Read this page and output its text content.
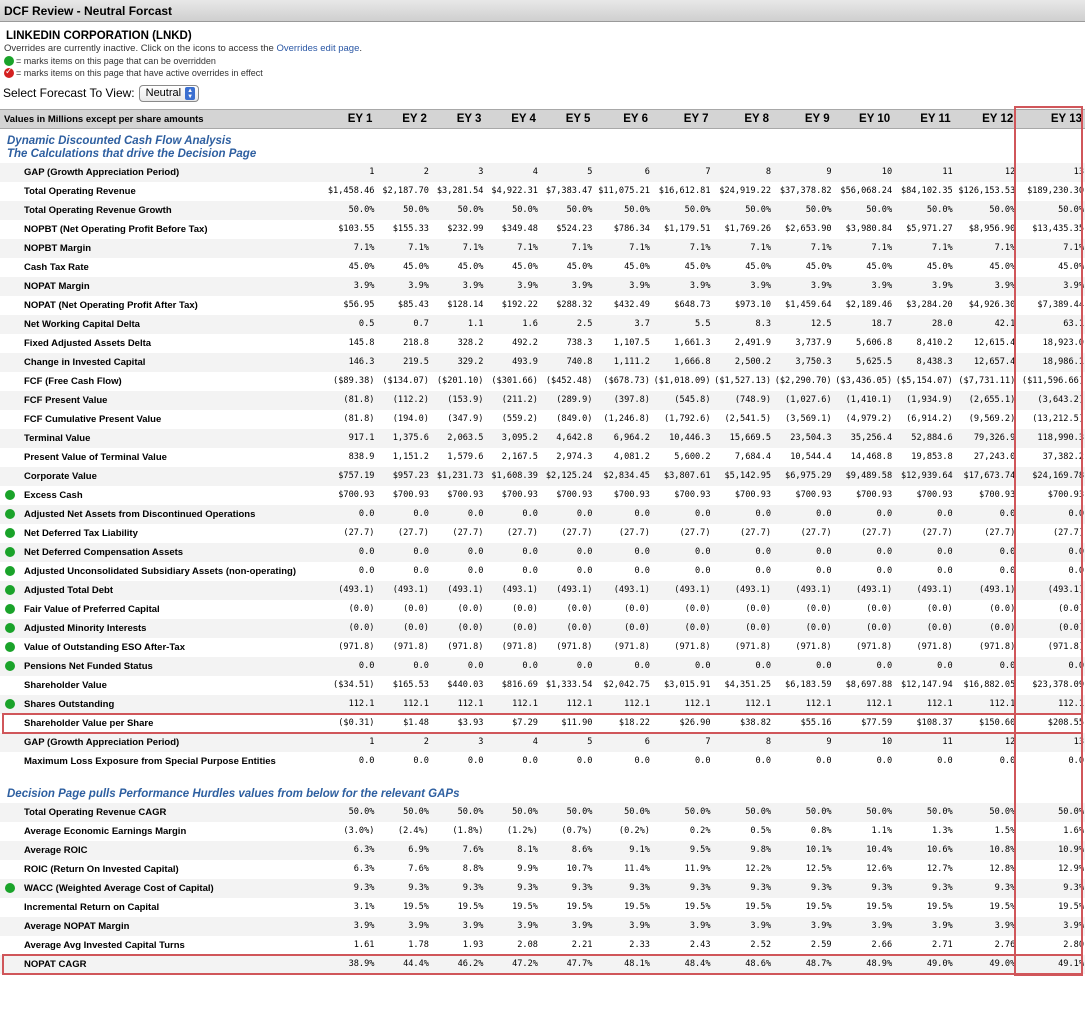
DCF Review - Neutral Forcast
LINKEDIN CORPORATION (LNKD)
Overrides are currently inactive. Click on the icons to access the Overrides edit page.
= marks items on this page that can be overridden
✓
= marks items on this page that have active overrides in effect
Select Forecast To View: Neutral	▲
▼
Values in Millions except per share amounts	EY 1	EY 2	EY 3	EY 4	EY 5	EY 6	EY 7	EY 8	EY 9	EY 10	EY 11	EY 12	EY 13

Dynamic Discounted Cash Flow Analysis
The Calculations that drive the Decision Page													

GAP (Growth Appreciation Period)	1	2	3	4	5	6	7	8	9	10	11	12	13
Total Operating Revenue	$1,458.46	$2,187.70	$3,281.54	$4,922.31	$7,383.47	$11,075.21	$16,612.81	$24,919.22	$37,378.82	$56,068.24	$84,102.35	$126,153.53	$189,230.30
Total Operating Revenue Growth	50.0%	50.0%	50.0%	50.0%	50.0%	50.0%	50.0%	50.0%	50.0%	50.0%	50.0%	50.0%	50.0%
NOPBT (Net Operating Profit Before Tax)	$103.55	$155.33	$232.99	$349.48	$524.23	$786.34	$1,179.51	$1,769.26	$2,653.90	$3,980.84	$5,971.27	$8,956.90	$13,435.35
NOPBT Margin	7.1%	7.1%	7.1%	7.1%	7.1%	7.1%	7.1%	7.1%	7.1%	7.1%	7.1%	7.1%	7.1%
Cash Tax Rate	45.0%	45.0%	45.0%	45.0%	45.0%	45.0%	45.0%	45.0%	45.0%	45.0%	45.0%	45.0%	45.0%
NOPAT Margin	3.9%	3.9%	3.9%	3.9%	3.9%	3.9%	3.9%	3.9%	3.9%	3.9%	3.9%	3.9%	3.9%
NOPAT (Net Operating Profit After Tax)	$56.95	$85.43	$128.14	$192.22	$288.32	$432.49	$648.73	$973.10	$1,459.64	$2,189.46	$3,284.20	$4,926.30	$7,389.44
Net Working Capital Delta	0.5	0.7	1.1	1.6	2.5	3.7	5.5	8.3	12.5	18.7	28.0	42.1	63.1
Fixed Adjusted Assets Delta	145.8	218.8	328.2	492.2	738.3	1,107.5	1,661.3	2,491.9	3,737.9	5,606.8	8,410.2	12,615.4	18,923.0
Change in Invested Capital	146.3	219.5	329.2	493.9	740.8	1,111.2	1,666.8	2,500.2	3,750.3	5,625.5	8,438.3	12,657.4	18,986.1
FCF (Free Cash Flow)	($89.38)	($134.07)	($201.10)	($301.66)	($452.48)	($678.73)	($1,018.09)	($1,527.13)	($2,290.70)	($3,436.05)	($5,154.07)	($7,731.11)	($11,596.66)
FCF Present Value	(81.8)	(112.2)	(153.9)	(211.2)	(289.9)	(397.8)	(545.8)	(748.9)	(1,027.6)	(1,410.1)	(1,934.9)	(2,655.1)	(3,643.2)
FCF Cumulative Present Value	(81.8)	(194.0)	(347.9)	(559.2)	(849.0)	(1,246.8)	(1,792.6)	(2,541.5)	(3,569.1)	(4,979.2)	(6,914.2)	(9,569.2)	(13,212.5)
Terminal Value	917.1	1,375.6	2,063.5	3,095.2	4,642.8	6,964.2	10,446.3	15,669.5	23,504.3	35,256.4	52,884.6	79,326.9	118,990.3
Present Value of Terminal Value	838.9	1,151.2	1,579.6	2,167.5	2,974.3	4,081.2	5,600.2	7,684.4	10,544.4	14,468.8	19,853.8	27,243.0	37,382.2
Corporate Value	$757.19	$957.23	$1,231.73	$1,608.39	$2,125.24	$2,834.45	$3,807.61	$5,142.95	$6,975.29	$9,489.58	$12,939.64	$17,673.74	$24,169.78

Excess Cash	$700.93	$700.93	$700.93	$700.93	$700.93	$700.93	$700.93	$700.93	$700.93	$700.93	$700.93	$700.93	$700.93

Adjusted Net Assets from Discontinued Operations	0.0	0.0	0.0	0.0	0.0	0.0	0.0	0.0	0.0	0.0	0.0	0.0	0.0

Net Deferred Tax Liability	(27.7)	(27.7)	(27.7)	(27.7)	(27.7)	(27.7)	(27.7)	(27.7)	(27.7)	(27.7)	(27.7)	(27.7)	(27.7)

Net Deferred Compensation Assets	0.0	0.0	0.0	0.0	0.0	0.0	0.0	0.0	0.0	0.0	0.0	0.0	0.0

Adjusted Unconsolidated Subsidiary Assets (non-operating)	0.0	0.0	0.0	0.0	0.0	0.0	0.0	0.0	0.0	0.0	0.0	0.0	0.0

Adjusted Total Debt	(493.1)	(493.1)	(493.1)	(493.1)	(493.1)	(493.1)	(493.1)	(493.1)	(493.1)	(493.1)	(493.1)	(493.1)	(493.1)

Fair Value of Preferred Capital	(0.0)	(0.0)	(0.0)	(0.0)	(0.0)	(0.0)	(0.0)	(0.0)	(0.0)	(0.0)	(0.0)	(0.0)	(0.0)

Adjusted Minority Interests	(0.0)	(0.0)	(0.0)	(0.0)	(0.0)	(0.0)	(0.0)	(0.0)	(0.0)	(0.0)	(0.0)	(0.0)	(0.0)

Value of Outstanding ESO After-Tax	(971.8)	(971.8)	(971.8)	(971.8)	(971.8)	(971.8)	(971.8)	(971.8)	(971.8)	(971.8)	(971.8)	(971.8)	(971.8)

Pensions Net Funded Status	0.0	0.0	0.0	0.0	0.0	0.0	0.0	0.0	0.0	0.0	0.0	0.0	0.0
Shareholder Value	($34.51)	$165.53	$440.03	$816.69	$1,333.54	$2,042.75	$3,015.91	$4,351.25	$6,183.59	$8,697.88	$12,147.94	$16,882.05	$23,378.09

Shares Outstanding	112.1	112.1	112.1	112.1	112.1	112.1	112.1	112.1	112.1	112.1	112.1	112.1	112.1
Shareholder Value per Share	($0.31)	$1.48	$3.93	$7.29	$11.90	$18.22	$26.90	$38.82	$55.16	$77.59	$108.37	$150.60	$208.55
GAP (Growth Appreciation Period)	1	2	3	4	5	6	7	8	9	10	11	12	13
Maximum Loss Exposure from Special Purpose Entities	0.0	0.0	0.0	0.0	0.0	0.0	0.0	0.0	0.0	0.0	0.0	0.0	0.0

Decision Page pulls Performance Hurdles values from below for the relevant GAPs													

Total Operating Revenue CAGR	50.0%	50.0%	50.0%	50.0%	50.0%	50.0%	50.0%	50.0%	50.0%	50.0%	50.0%	50.0%	50.0%
Average Economic Earnings Margin	(3.0%)	(2.4%)	(1.8%)	(1.2%)	(0.7%)	(0.2%)	0.2%	0.5%	0.8%	1.1%	1.3%	1.5%	1.6%
Average ROIC	6.3%	6.9%	7.6%	8.1%	8.6%	9.1%	9.5%	9.8%	10.1%	10.4%	10.6%	10.8%	10.9%
ROIC (Return On Invested Capital)	6.3%	7.6%	8.8%	9.9%	10.7%	11.4%	11.9%	12.2%	12.5%	12.6%	12.7%	12.8%	12.9%

WACC (Weighted Average Cost of Capital)	9.3%	9.3%	9.3%	9.3%	9.3%	9.3%	9.3%	9.3%	9.3%	9.3%	9.3%	9.3%	9.3%
Incremental Return on Capital	3.1%	19.5%	19.5%	19.5%	19.5%	19.5%	19.5%	19.5%	19.5%	19.5%	19.5%	19.5%	19.5%
Average NOPAT Margin	3.9%	3.9%	3.9%	3.9%	3.9%	3.9%	3.9%	3.9%	3.9%	3.9%	3.9%	3.9%	3.9%
Average Avg Invested Capital Turns	1.61	1.78	1.93	2.08	2.21	2.33	2.43	2.52	2.59	2.66	2.71	2.76	2.80
NOPAT CAGR	38.9%	44.4%	46.2%	47.2%	47.7%	48.1%	48.4%	48.6%	48.7%	48.9%	49.0%	49.0%	49.1%
